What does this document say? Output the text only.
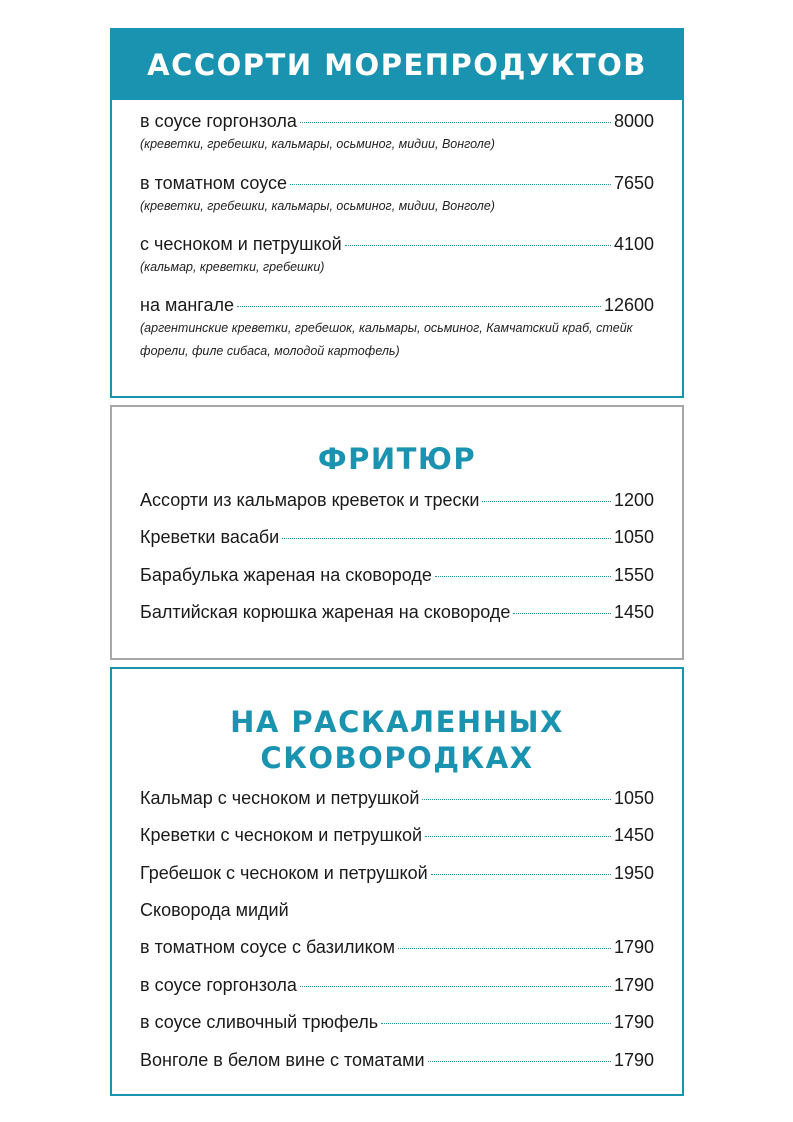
АССОРТИ МОРЕПРОДУКТОВ
в соусе горгонзола	8000
(креветки, гребешки, кальмары, осьминог, мидии, Вонголе)
в томатном соусе	7650
(креветки, гребешки, кальмары, осьминог, мидии, Вонголе)
с чесноком и петрушкой	4100
(кальмар, креветки, гребешки)
на мангале	12600
(аргентинские креветки, гребешок, кальмары, осьминог, Камчатский краб, стейк форели, филе сибаса, молодой картофель)
ФРИТЮР
Ассорти из кальмаров креветок и трески	1200
Креветки васаби	1050
Барабулька жареная на сковороде	1550
Балтийская корюшка жареная на сковороде	1450
НА РАСКАЛЕННЫХ
СКОВОРОДКАХ
Кальмар с чесноком и петрушкой	1050
Креветки с чесноком и петрушкой	1450
Гребешок с чесноком и петрушкой	1950
Сковорода мидий
в томатном соусе с базиликом	1790
в соусе горгонзола	1790
в соусе сливочный трюфель	1790
Вонголе в белом вине с томатами	1790
